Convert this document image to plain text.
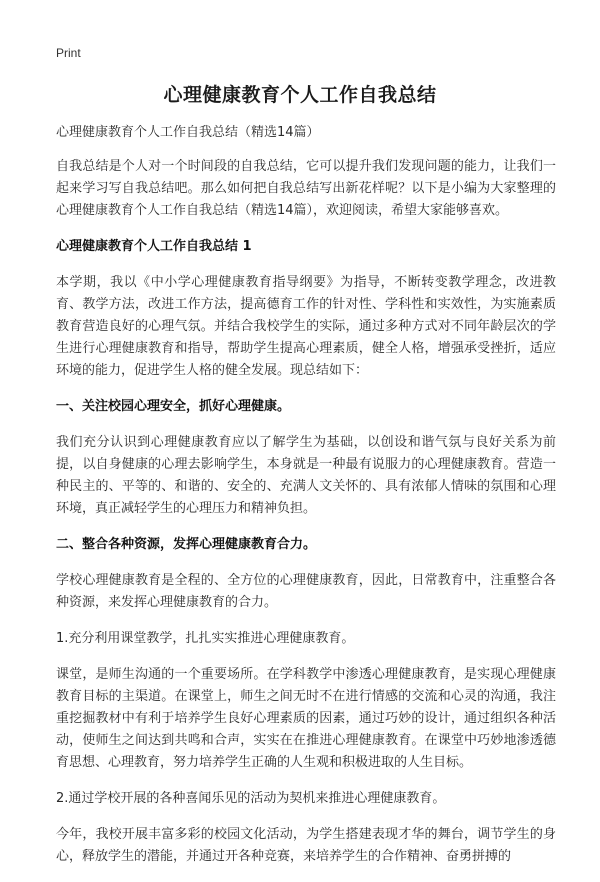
Print
心理健康教育个人工作自我总结

心理健康教育个人工作自我总结（精选14篇）

自我总结是个人对一个时间段的自我总结，它可以提升我们发现问题的能力，让我们一起来学习写自我总结吧。那么如何把自我总结写出新花样呢？以下是小编为大家整理的心理健康教育个人工作自我总结（精选14篇），欢迎阅读，希望大家能够喜欢。

心理健康教育个人工作自我总结 1

本学期，我以《中小学心理健康教育指导纲要》为指导，不断转变教学理念，改进教育、教学方法，改进工作方法，提高德育工作的针对性、学科性和实效性，为实施素质教育营造良好的心理气氛。并结合我校学生的实际，通过多种方式对不同年龄层次的学生进行心理健康教育和指导，帮助学生提高心理素质，健全人格，增强承受挫折，适应环境的能力，促进学生人格的健全发展。现总结如下：

一、关注校园心理安全，抓好心理健康。

我们充分认识到心理健康教育应以了解学生为基础，以创设和谐气氛与良好关系为前提，以自身健康的心理去影响学生，本身就是一种最有说服力的心理健康教育。营造一种民主的、平等的、和谐的、安全的、充满人文关怀的、具有浓郁人情味的氛围和心理环境，真正减轻学生的心理压力和精神负担。

二、整合各种资源，发挥心理健康教育合力。

学校心理健康教育是全程的、全方位的心理健康教育，因此，日常教育中，注重整合各种资源，来发挥心理健康教育的合力。

1.充分利用课堂教学，扎扎实实推进心理健康教育。

课堂，是师生沟通的一个重要场所。在学科教学中渗透心理健康教育，是实现心理健康教育目标的主渠道。在课堂上，师生之间无时不在进行情感的交流和心灵的沟通，我注重挖掘教材中有利于培养学生良好心理素质的因素，通过巧妙的设计，通过组织各种活动，使师生之间达到共鸣和合声，实实在在推进心理健康教育。在课堂中巧妙地渗透德育思想、心理教育，努力培养学生正确的人生观和积极进取的人生目标。

2.通过学校开展的各种喜闻乐见的活动为契机来推进心理健康教育。

今年，我校开展丰富多彩的校园文化活动，为学生搭建表现才华的舞台，调节学生的身心，释放学生的潜能，并通过开各种竞赛，来培养学生的合作精神、奋勇拼搏的
